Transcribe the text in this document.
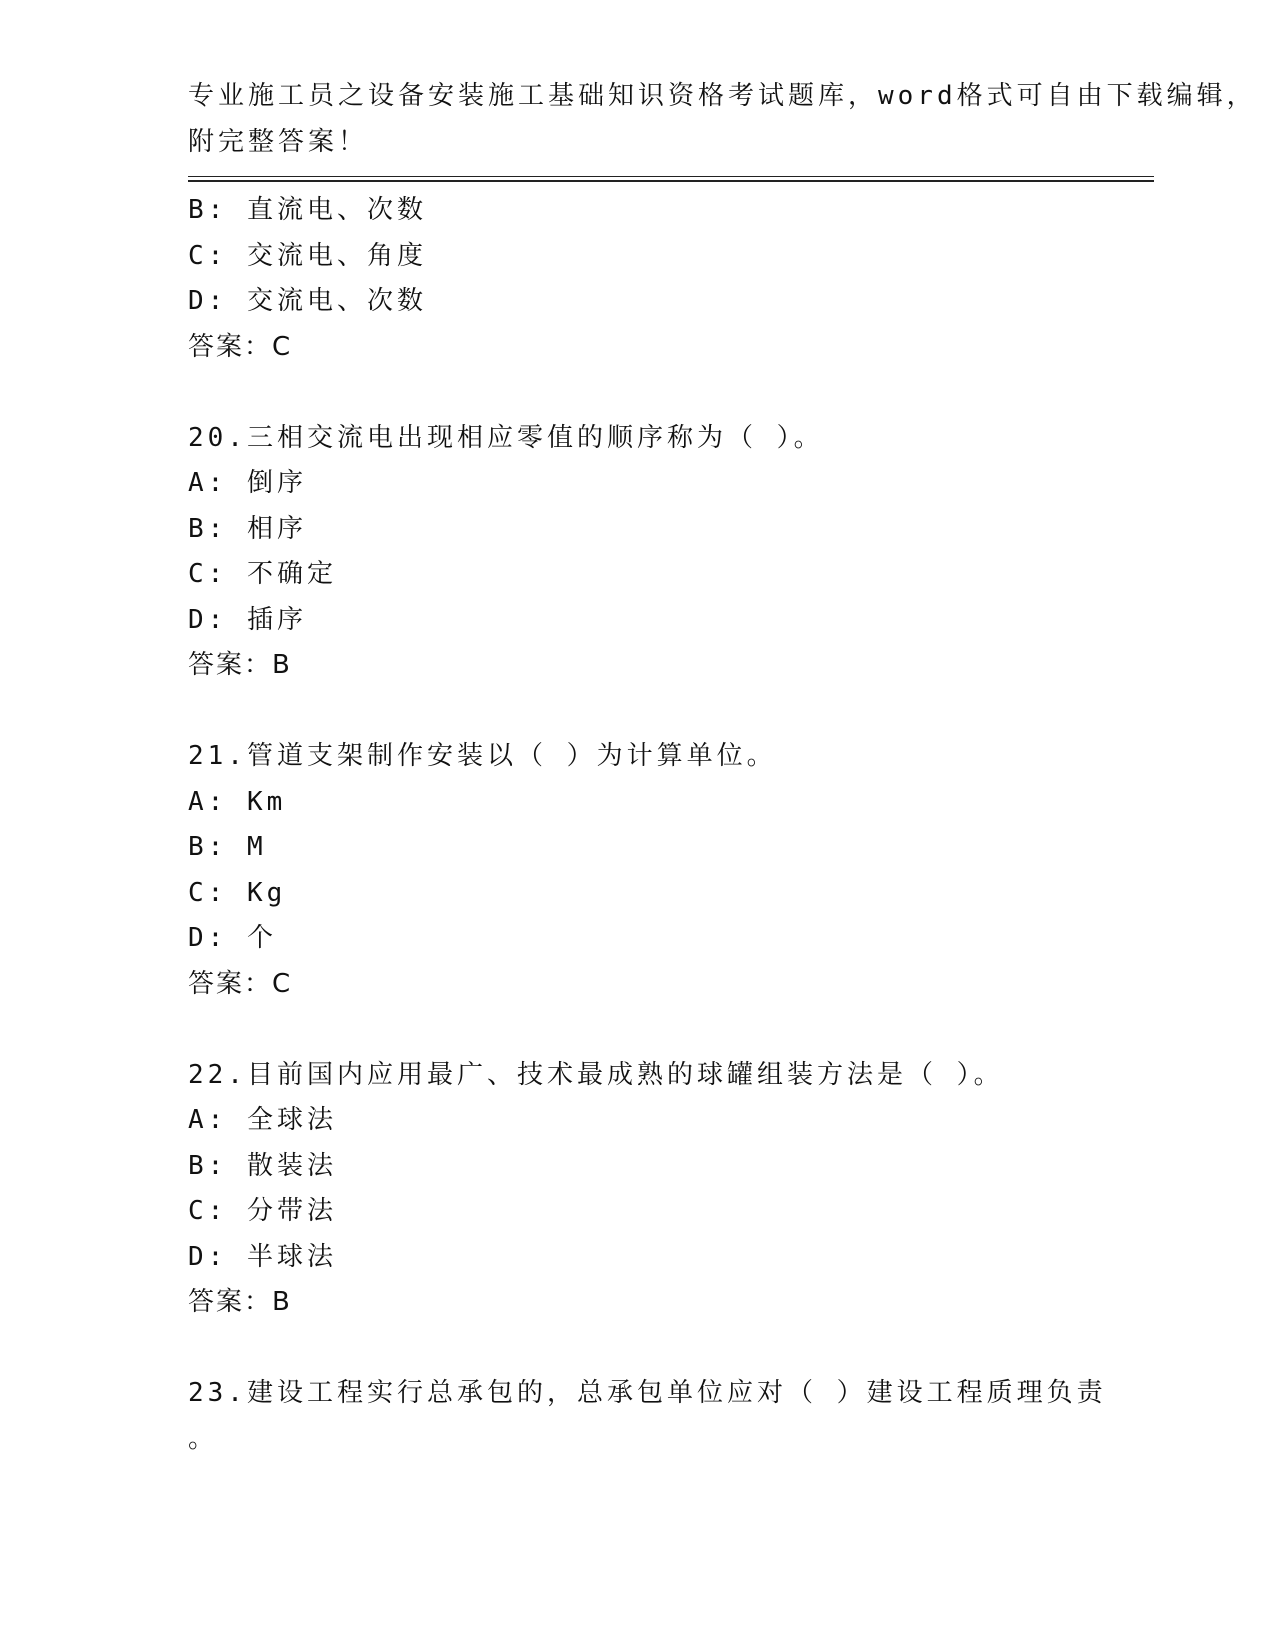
专业施工员之设备安装施工基础知识资格考试题库，word格式可自由下载编辑，
附完整答案！
B: 直流电、次数
C: 交流电、角度
D: 交流电、次数
答案：C
20.三相交流电出现相应零值的顺序称为（ ）。
A: 倒序
B: 相序
C: 不确定
D: 插序
答案：B
21.管道支架制作安装以（ ）为计算单位。
A: Km
B: M
C: Kg
D: 个
答案：C
22.目前国内应用最广、技术最成熟的球罐组装方法是（ ）。
A: 全球法
B: 散装法
C: 分带法
D: 半球法
答案：B
23.建设工程实行总承包的，总承包单位应对（ ）建设工程质理负责
。
